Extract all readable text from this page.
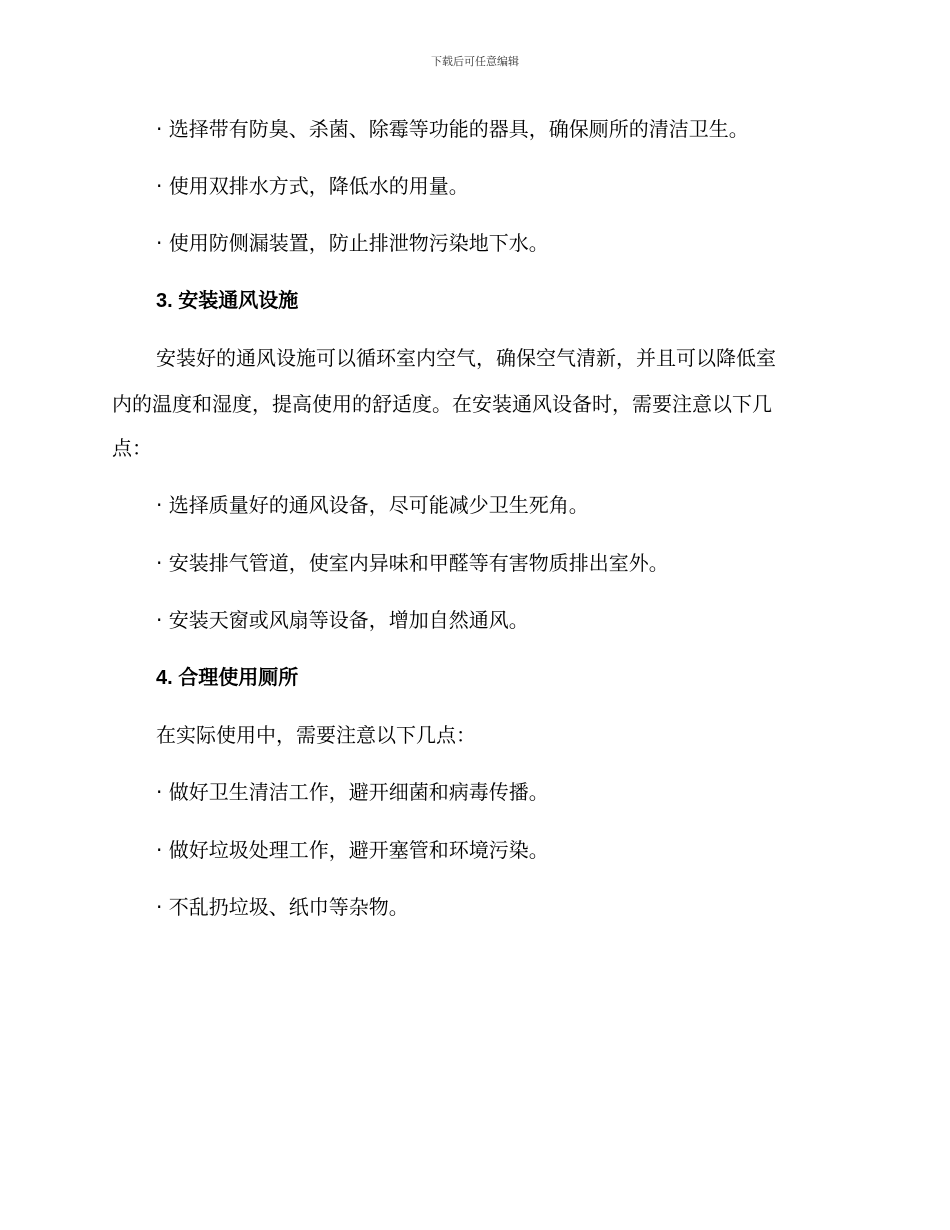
下载后可任意编辑
· 选择带有防臭、杀菌、除霉等功能的器具，确保厕所的清洁卫生。
· 使用双排水方式，降低水的用量。
· 使用防侧漏装置，防止排泄物污染地下水。
3. 安装通风设施
安装好的通风设施可以循环室内空气，确保空气清新，并且可以降低室
内的温度和湿度，提高使用的舒适度。在安装通风设备时，需要注意以下几
点：
· 选择质量好的通风设备，尽可能减少卫生死角。
· 安装排气管道，使室内异味和甲醛等有害物质排出室外。
· 安装天窗或风扇等设备，增加自然通风。
4. 合理使用厕所
在实际使用中，需要注意以下几点：
· 做好卫生清洁工作，避开细菌和病毒传播。
· 做好垃圾处理工作，避开塞管和环境污染。
· 不乱扔垃圾、纸巾等杂物。
